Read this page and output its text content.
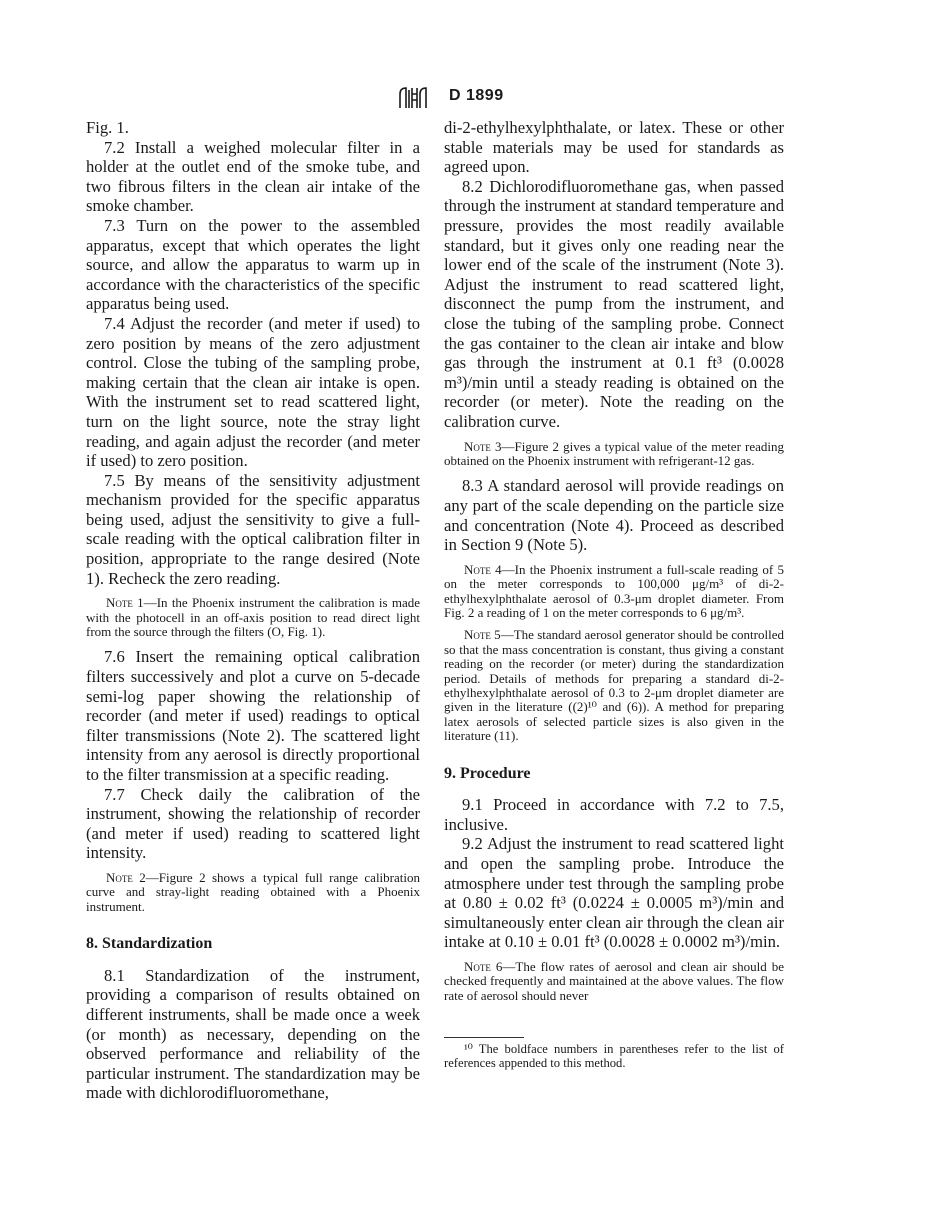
D 1899

Fig. 1.

7.2 Install a weighed molecular filter in a holder at the outlet end of the smoke tube, and two fibrous filters in the clean air intake of the smoke chamber.

7.3 Turn on the power to the assembled apparatus, except that which operates the light source, and allow the apparatus to warm up in accordance with the characteristics of the specific apparatus being used.

7.4 Adjust the recorder (and meter if used) to zero position by means of the zero adjustment control. Close the tubing of the sampling probe, making certain that the clean air intake is open. With the instrument set to read scattered light, turn on the light source, note the stray light reading, and again adjust the recorder (and meter if used) to zero position.

7.5 By means of the sensitivity adjustment mechanism provided for the specific apparatus being used, adjust the sensitivity to give a full-scale reading with the optical calibration filter in position, appropriate to the range desired (Note 1). Recheck the zero reading.

Note 1—In the Phoenix instrument the calibration is made with the photocell in an off-axis position to read direct light from the source through the filters (O, Fig. 1).

7.6 Insert the remaining optical calibration filters successively and plot a curve on 5-decade semi-log paper showing the relationship of recorder (and meter if used) readings to optical filter transmissions (Note 2). The scattered light intensity from any aerosol is directly proportional to the filter transmission at a specific reading.

7.7 Check daily the calibration of the instrument, showing the relationship of recorder (and meter if used) reading to scattered light intensity.

Note 2—Figure 2 shows a typical full range calibration curve and stray-light reading obtained with a Phoenix instrument.

8. Standardization

8.1 Standardization of the instrument, providing a comparison of results obtained on different instruments, shall be made once a week (or month) as necessary, depending on the observed performance and reliability of the particular instrument. The standardization may be made with dichlorodifluoromethane,

di-2-ethylhexylphthalate, or latex. These or other stable materials may be used for standards as agreed upon.

8.2 Dichlorodifluoromethane gas, when passed through the instrument at standard temperature and pressure, provides the most readily available standard, but it gives only one reading near the lower end of the scale of the instrument (Note 3). Adjust the instrument to read scattered light, disconnect the pump from the instrument, and close the tubing of the sampling probe. Connect the gas container to the clean air intake and blow gas through the instrument at 0.1 ft³ (0.0028 m³)/min until a steady reading is obtained on the recorder (or meter). Note the reading on the calibration curve.

Note 3—Figure 2 gives a typical value of the meter reading obtained on the Phoenix instrument with refrigerant-12 gas.

8.3 A standard aerosol will provide readings on any part of the scale depending on the particle size and concentration (Note 4). Proceed as described in Section 9 (Note 5).

Note 4—In the Phoenix instrument a full-scale reading of 5 on the meter corresponds to 100,000 μg/m³ of di-2-ethylhexylphthalate aerosol of 0.3-μm droplet diameter. From Fig. 2 a reading of 1 on the meter corresponds to 6 μg/m³.

Note 5—The standard aerosol generator should be controlled so that the mass concentration is constant, thus giving a constant reading on the recorder (or meter) during the standardization period. Details of methods for preparing a standard di-2-ethylhexylphthalate aerosol of 0.3 to 2-μm droplet diameter are given in the literature ((2)¹⁰ and (6)). A method for preparing latex aerosols of selected particle sizes is also given in the literature (11).

9. Procedure

9.1 Proceed in accordance with 7.2 to 7.5, inclusive.

9.2 Adjust the instrument to read scattered light and open the sampling probe. Introduce the atmosphere under test through the sampling probe at 0.80 ± 0.02 ft³ (0.0224 ± 0.0005 m³)/min and simultaneously enter clean air through the clean air intake at 0.10 ± 0.01 ft³ (0.0028 ± 0.0002 m³)/min.

Note 6—The flow rates of aerosol and clean air should be checked frequently and maintained at the above values. The flow rate of aerosol should never

¹⁰ The boldface numbers in parentheses refer to the list of references appended to this method.
